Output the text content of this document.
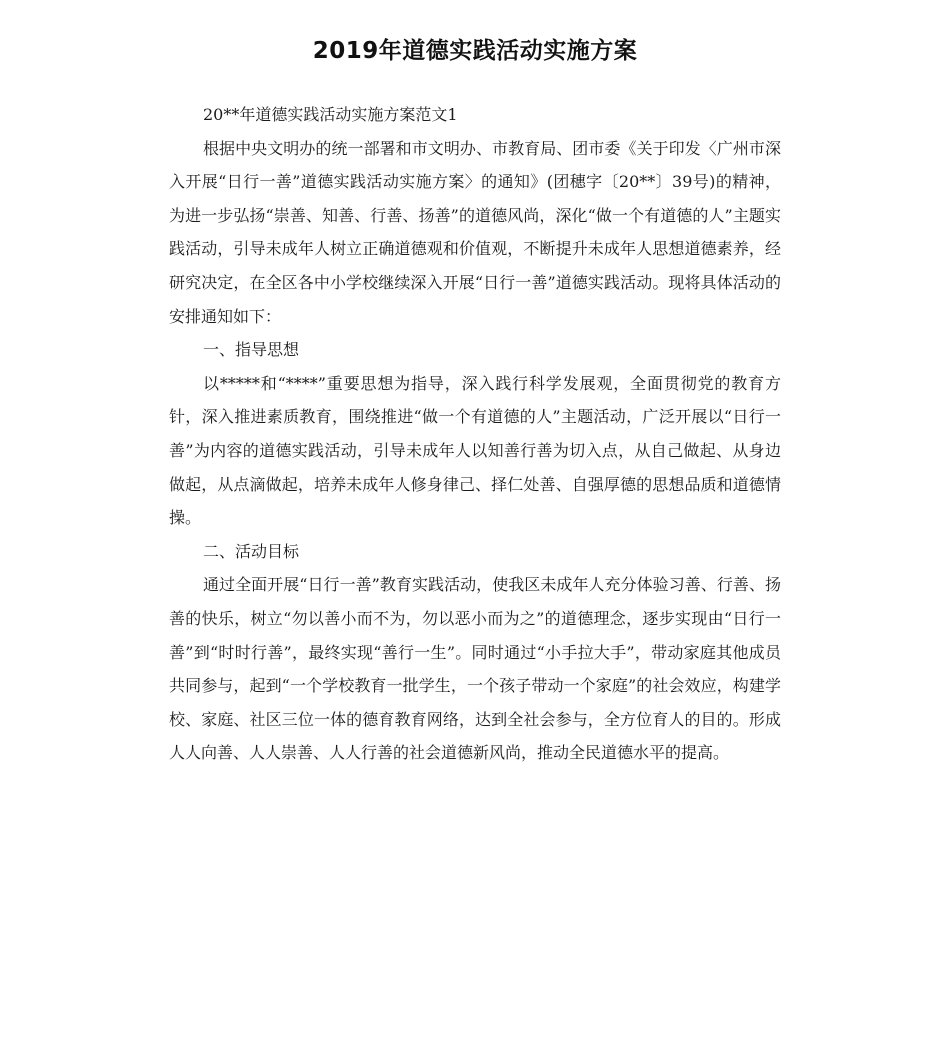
2019年道德实践活动实施方案

20**年道德实践活动实施方案范文1

根据中央文明办的统一部署和市文明办、市教育局、团市委《关于印发〈广州市深入开展“日行一善”道德实践活动实施方案〉的通知》(团穗字〔20**〕39号)的精神，为进一步弘扬“崇善、知善、行善、扬善”的道德风尚，深化“做一个有道德的人”主题实践活动，引导未成年人树立正确道德观和价值观，不断提升未成年人思想道德素养，经研究决定，在全区各中小学校继续深入开展“日行一善”道德实践活动。现将具体活动的安排通知如下：

一、指导思想

以*****和“****”重要思想为指导，深入践行科学发展观，全面贯彻党的教育方针，深入推进素质教育，围绕推进“做一个有道德的人”主题活动，广泛开展以“日行一善”为内容的道德实践活动，引导未成年人以知善行善为切入点，从自己做起、从身边做起，从点滴做起，培养未成年人修身律己、择仁处善、自强厚德的思想品质和道德情操。

二、活动目标

通过全面开展“日行一善”教育实践活动，使我区未成年人充分体验习善、行善、扬善的快乐，树立“勿以善小而不为，勿以恶小而为之”的道德理念，逐步实现由“日行一善”到“时时行善”，最终实现“善行一生”。同时通过“小手拉大手”，带动家庭其他成员共同参与，起到“一个学校教育一批学生，一个孩子带动一个家庭”的社会效应，构建学校、家庭、社区三位一体的德育教育网络，达到全社会参与，全方位育人的目的。形成人人向善、人人崇善、人人行善的社会道德新风尚，推动全民道德水平的提高。
